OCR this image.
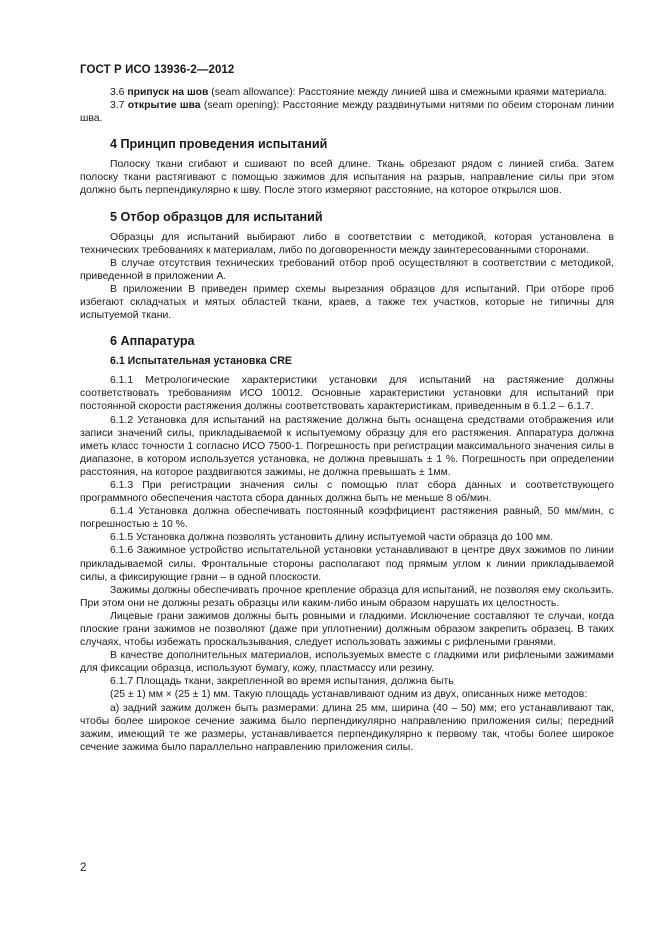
ГОСТ Р ИСО 13936-2—2012

3.6 припуск на шов (seam allowance): Расстояние между линией шва и смежными краями материала.

3.7 открытие шва (seam opening): Расстояние между раздвинутыми нитями по обеим сторонам линии шва.

4 Принцип проведения испытаний

Полоску ткани сгибают и сшивают по всей длине. Ткань обрезают рядом с линией сгиба. Затем полоску ткани растягивают с помощью зажимов для испытания на разрыв, направление силы при этом должно быть перпендикулярно к шву. После этого измеряют расстояние, на которое открылся шов.

5 Отбор образцов для испытаний

Образцы для испытаний выбирают либо в соответствии с методикой, которая установлена в технических требованиях к материалам, либо по договоренности между заинтересованными сторонами.

В случае отсутствия технических требований отбор проб осуществляют в соответствии с методикой, приведенной в приложении А.

В приложении В приведен пример схемы вырезания образцов для испытаний. При отборе проб избегают складчатых и мятых областей ткани, краев, а также тех участков, которые не типичны для испытуемой ткани.

6 Аппаратура
6.1 Испытательная установка CRE

6.1.1 Метрологические характеристики установки для испытаний на растяжение должны соответствовать требованиям ИСО 10012. Основные характеристики установки для испытаний при постоянной скорости растяжения должны соответствовать характеристикам, приведенным в 6.1.2 – 6.1.7.

6.1.2 Установка для испытаний на растяжение должна быть оснащена средствами отображения или записи значений силы, прикладываемой к испытуемому образцу для его растяжения. Аппаратура должна иметь класс точности 1 согласно ИСО 7500-1. Погрешность при регистрации максимального значения силы в диапазоне, в котором используется установка, не должна превышать ± 1 %. Погрешность при определении расстояния, на которое раздвигаются зажимы, не должна превышать ± 1мм.

6.1.3 При регистрации значения силы с помощью плат сбора данных и соответствующего программного обеспечения частота сбора данных должна быть не меньше 8 об/мин.

6.1.4 Установка должна обеспечивать постоянный коэффициент растяжения равный, 50 мм/мин, с погрешностью ± 10 %.

6.1.5 Установка должна позволять установить длину испытуемой части образца до 100 мм.

6.1.6 Зажимное устройство испытательной установки устанавливают в центре двух зажимов по линии прикладываемой силы. Фронтальные стороны располагают под прямым углом к линии прикладываемой силы, а фиксирующие грани – в одной плоскости.

Зажимы должны обеспечивать прочное крепление образца для испытаний, не позволяя ему скользить. При этом они не должны резать образцы или каким-либо иным образом нарушать их целостность.

Лицевые грани зажимов должны быть ровными и гладкими. Исключение составляют те случаи, когда плоские грани зажимов не позволяют (даже при уплотнении) должным образом закрепить образец. В таких случаях, чтобы избежать проскальзывания, следует использовать зажимы с рифлеными гранями.

В качестве дополнительных материалов, используемых вместе с гладкими или рифлеными зажимами для фиксации образца, используют бумагу, кожу, пластмассу или резину.

6.1.7 Площадь ткани, закрепленной во время испытания, должна быть

(25 ± 1) мм × (25 ± 1) мм. Такую площадь устанавливают одним из двух, описанных ниже методов:

а) задний зажим должен быть размерами: длина 25 мм, ширина (40 – 50) мм; его устанавливают так, чтобы более широкое сечение зажима было перпендикулярно направлению приложения силы; передний зажим, имеющий те же размеры, устанавливается перпендикулярно к первому так, чтобы более широкое сечение зажима было параллельно направлению приложения силы.

2
